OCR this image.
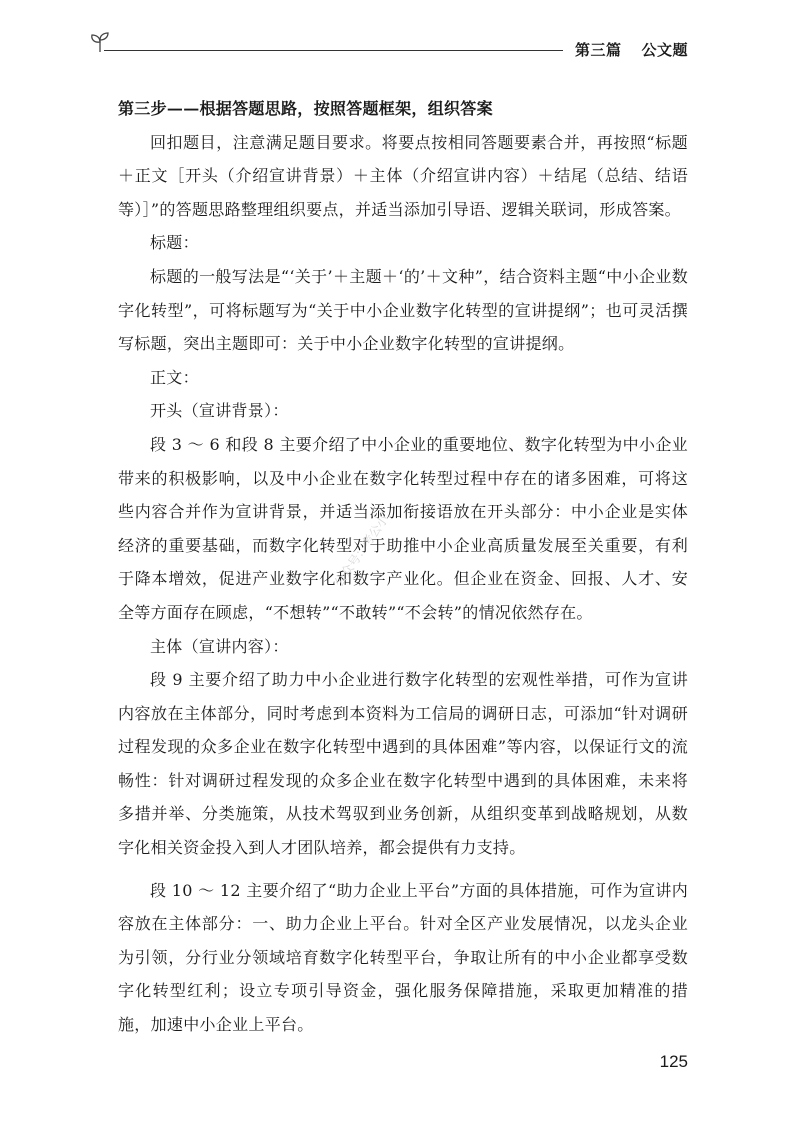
第三篇 公文题

第三步——根据答题思路，按照答题框架，组织答案

回扣题目，注意满足题目要求。将要点按相同答题要素合并，再按照“标题＋正文［开头（介绍宣讲背景）＋主体（介绍宣讲内容）＋结尾（总结、结语等）］”的答题思路整理组织要点，并适当添加引导语、逻辑关联词，形成答案。

标题：

标题的一般写法是“‘关于’＋主题＋‘的’＋文种”，结合资料主题“中小企业数字化转型”，可将标题写为“关于中小企业数字化转型的宣讲提纲”；也可灵活撰写标题，突出主题即可：关于中小企业数字化转型的宣讲提纲。

正文：

开头（宣讲背景）：

段 3 ～ 6 和段 8 主要介绍了中小企业的重要地位、数字化转型为中小企业带来的积极影响，以及中小企业在数字化转型过程中存在的诸多困难，可将这些内容合并作为宣讲背景，并适当添加衔接语放在开头部分：中小企业是实体经济的重要基础，而数字化转型对于助推中小企业高质量发展至关重要，有利于降本增效，促进产业数字化和数字产业化。但企业在资金、回报、人才、安全等方面存在顾虑，“不想转”“不敢转”“不会转”的情况依然存在。

主体（宣讲内容）：

段 9 主要介绍了助力中小企业进行数字化转型的宏观性举措，可作为宣讲内容放在主体部分，同时考虑到本资料为工信局的调研日志，可添加“针对调研过程发现的众多企业在数字化转型中遇到的具体困难”等内容，以保证行文的流畅性：针对调研过程发现的众多企业在数字化转型中遇到的具体困难，未来将多措并举、分类施策，从技术驾驭到业务创新，从组织变革到战略规划，从数字化相关资金投入到人才团队培养，都会提供有力支持。

段 10 ～ 12 主要介绍了“助力企业上平台”方面的具体措施，可作为宣讲内容放在主体部分：一、助力企业上平台。针对全区产业发展情况，以龙头企业为引领，分行业分领域培育数字化转型平台，争取让所有的中小企业都享受数字化转型红利；设立专项引导资金，强化服务保障措施，采取更加精准的措施，加速中小企业上平台。

公众号：考公小
125
